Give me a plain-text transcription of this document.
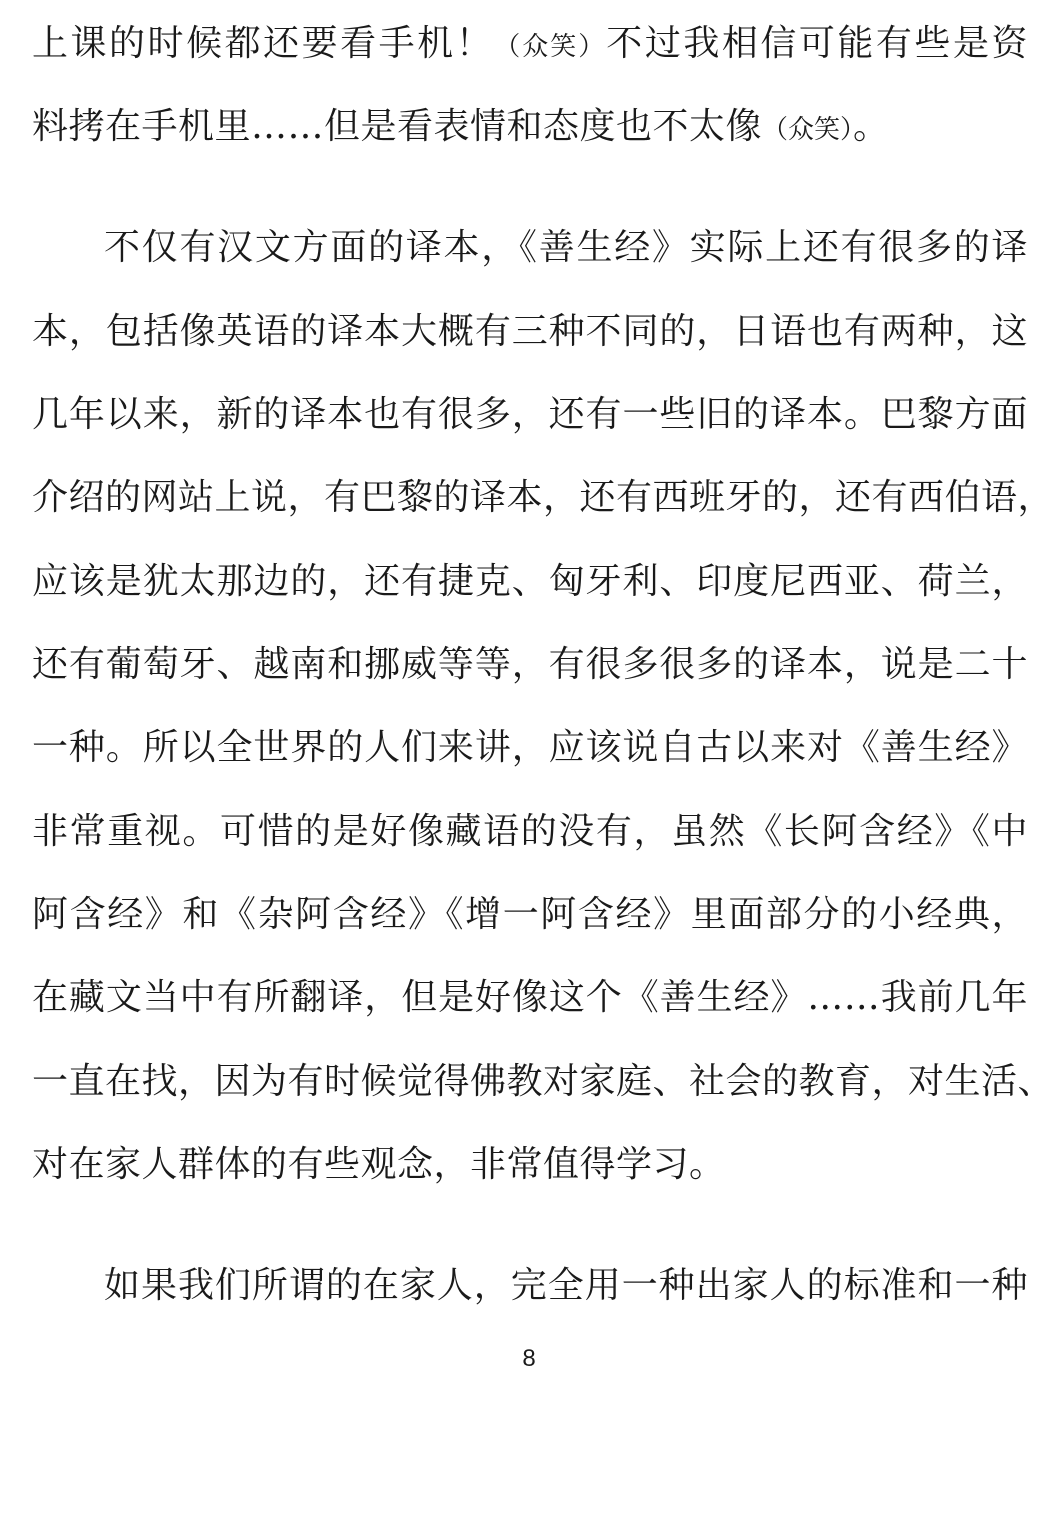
上课的时候都还要看手机！（众笑）不过我相信可能有些是资
料拷在手机里……但是看表情和态度也不太像（众笑）。
不仅有汉文方面的译本，《善生经》实际上还有很多的译
本，包括像英语的译本大概有三种不同的，日语也有两种，这
几年以来，新的译本也有很多，还有一些旧的译本。巴黎方面
介绍的网站上说，有巴黎的译本，还有西班牙的，还有西伯语，
应该是犹太那边的，还有捷克、匈牙利、印度尼西亚、荷兰，
还有葡萄牙、越南和挪威等等，有很多很多的译本，说是二十
一种。所以全世界的人们来讲，应该说自古以来对《善生经》
非常重视。可惜的是好像藏语的没有，虽然《长阿含经》《中
阿含经》和《杂阿含经》《增一阿含经》里面部分的小经典，
在藏文当中有所翻译，但是好像这个《善生经》……我前几年
一直在找，因为有时候觉得佛教对家庭、社会的教育，对生活、
对在家人群体的有些观念，非常值得学习。
如果我们所谓的在家人，完全用一种出家人的标准和一种
8
